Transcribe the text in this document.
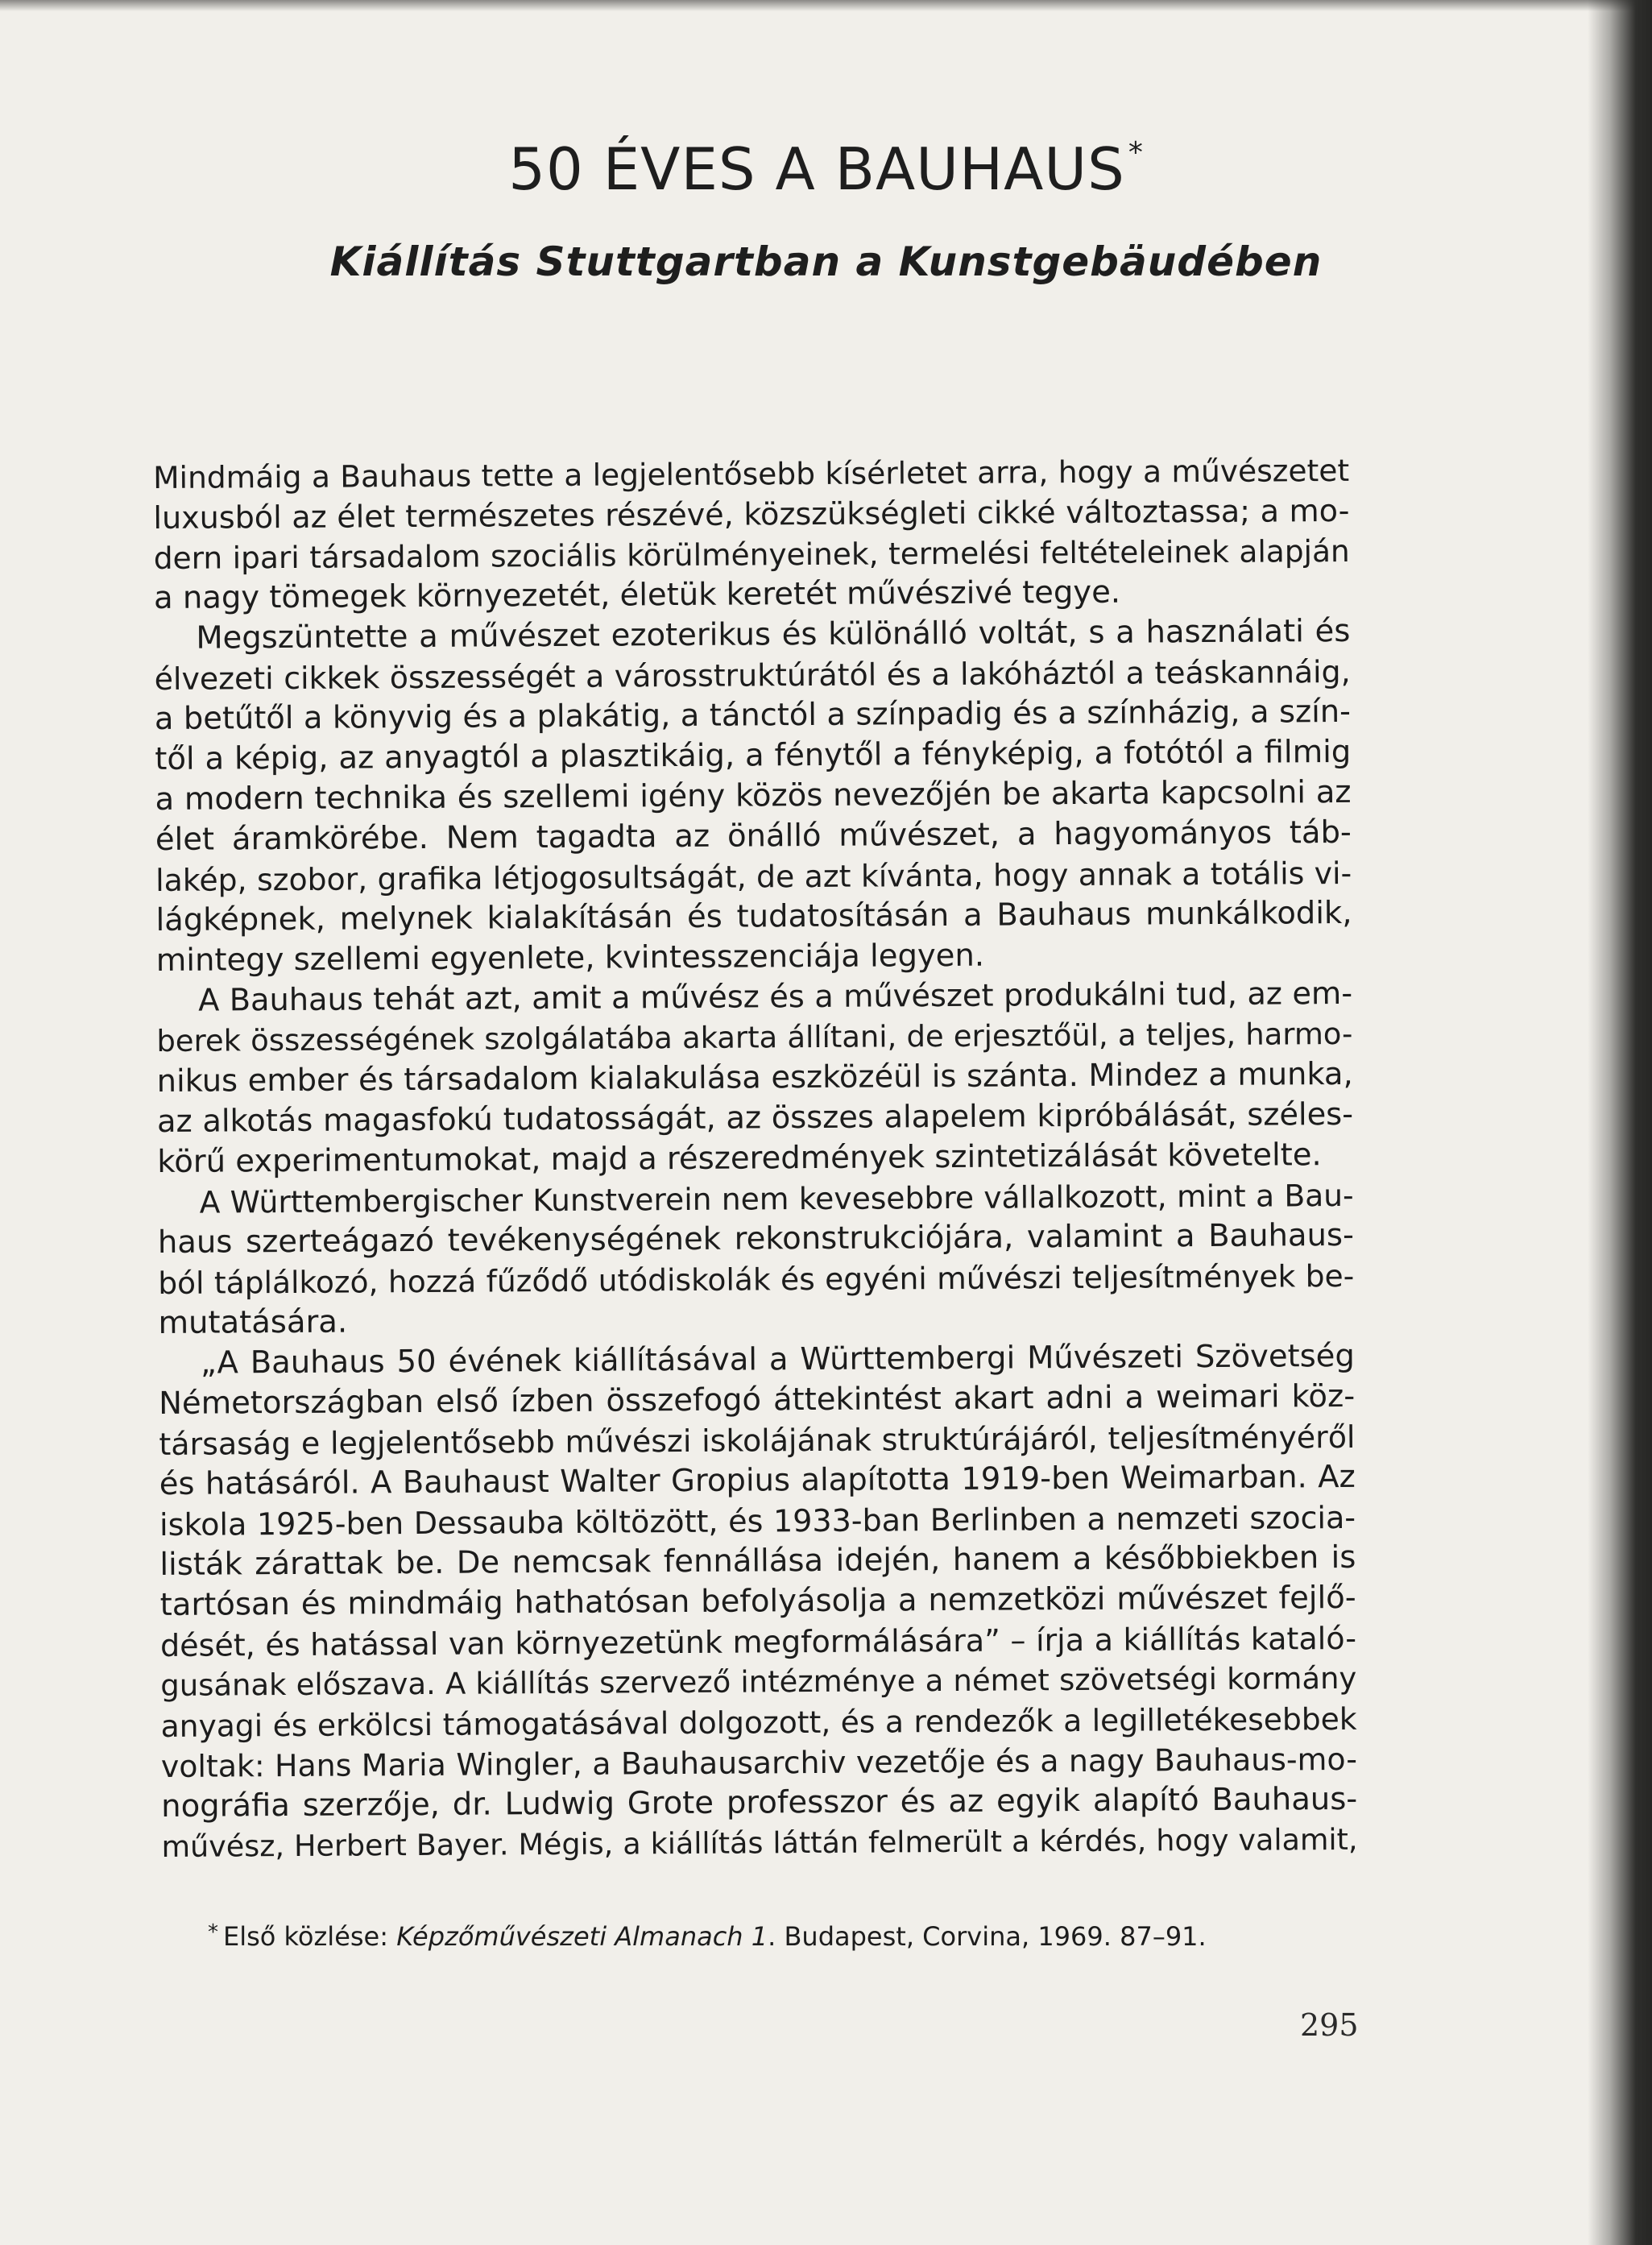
50 ÉVES A BAUHAUS *
Kiállítás Stuttgartban a Kunstgebäudében
Mindmáig a Bauhaus tette a legjelentősebb kísérletet arra, hogy a művészetet
luxusból az élet természetes részévé, közszükségleti cikké változtassa; a mo-
dern ipari társadalom szociális körülményeinek, termelési feltételeinek alapján
a nagy tömegek környezetét, életük keretét művészivé tegye.
Megszüntette a művészet ezoterikus és különálló voltát, s a használati és
élvezeti cikkek összességét a városstruktúrától és a lakóháztól a teáskannáig,
a betűtől a könyvig és a plakátig, a tánctól a színpadig és a színházig, a szín-
től a képig, az anyagtól a plasztikáig, a fénytől a fényképig, a fotótól a filmig
a modern technika és szellemi igény közös nevezőjén be akarta kapcsolni az
élet áramkörébe. Nem tagadta az önálló művészet, a hagyományos táb-
lakép, szobor, grafika létjogosultságát, de azt kívánta, hogy annak a totális vi-
lágképnek, melynek kialakításán és tudatosításán a Bauhaus munkálkodik,
mintegy szellemi egyenlete, kvintesszenciája legyen.
A Bauhaus tehát azt, amit a művész és a művészet produkálni tud, az em-
berek összességének szolgálatába akarta állítani, de erjesztőül, a teljes, harmo-
nikus ember és társadalom kialakulása eszközéül is szánta. Mindez a munka,
az alkotás magasfokú tudatosságát, az összes alapelem kipróbálását, széles-
körű experimentumokat, majd a részeredmények szintetizálását követelte.
A Württembergischer Kunstverein nem kevesebbre vállalkozott, mint a Bau-
haus szerteágazó tevékenységének rekonstrukciójára, valamint a Bauhaus-
ból táplálkozó, hozzá fűződő utódiskolák és egyéni művészi teljesítmények be-
mutatására.
„A Bauhaus 50 évének kiállításával a Württembergi Művészeti Szövetség
Németországban első ízben összefogó áttekintést akart adni a weimari köz-
társaság e legjelentősebb művészi iskolájának struktúrájáról, teljesítményéről
és hatásáról. A Bauhaust Walter Gropius alapította 1919-ben Weimarban. Az
iskola 1925-ben Dessauba költözött, és 1933-ban Berlinben a nemzeti szocia-
listák zárattak be. De nemcsak fennállása idején, hanem a későbbiekben is
tartósan és mindmáig hathatósan befolyásolja a nemzetközi művészet fejlő-
dését, és hatással van környezetünk megformálására” – írja a kiállítás kataló-
gusának előszava. A kiállítás szervező intézménye a német szövetségi kormány
anyagi és erkölcsi támogatásával dolgozott, és a rendezők a legilletékesebbek
voltak: Hans Maria Wingler, a Bauhausarchiv vezetője és a nagy Bauhaus-mo-
nográfia szerzője, dr. Ludwig Grote professzor és az egyik alapító Bauhaus-
művész, Herbert Bayer. Mégis, a kiállítás láttán felmerült a kérdés, hogy valamit,
* Első közlése: Képzőművészeti Almanach 1. Budapest, Corvina, 1969. 87–91.
295
